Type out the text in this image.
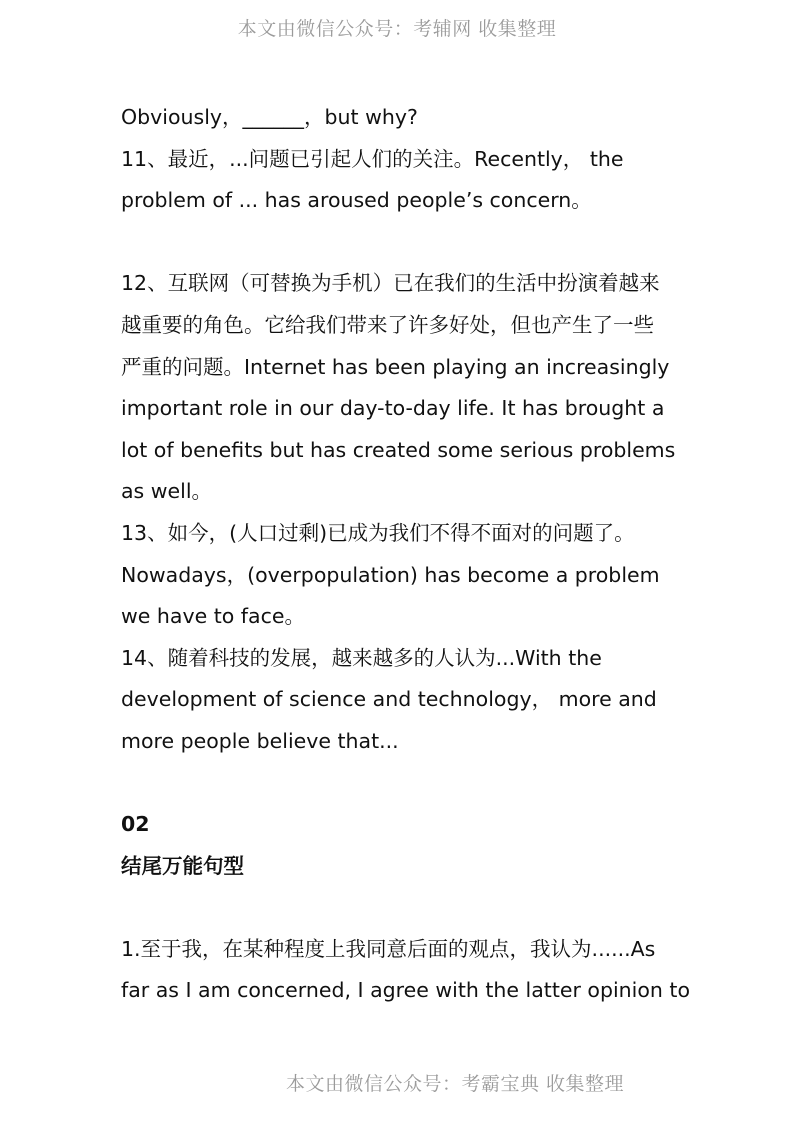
本文由微信公众号：考辅网 收集整理
Obviously，______，but why?
11、最近，...问题已引起人们的关注。Recently， the
problem of ... has aroused people’s concern。
12、互联网（可替换为手机）已在我们的生活中扮演着越来
越重要的角色。它给我们带来了许多好处，但也产生了一些
严重的问题。Internet has been playing an increasingly
important role in our day-to-day life. It has brought a
lot of benefits but has created some serious problems
as well。
13、如今，(人口过剩)已成为我们不得不面对的问题了。
Nowadays，(overpopulation) has become a problem
we have to face。
14、随着科技的发展，越来越多的人认为...With the
development of science and technology， more and
more people believe that...
02
结尾万能句型
1.至于我，在某种程度上我同意后面的观点，我认为......As
far as I am concerned, I agree with the latter opinion to
本文由微信公众号：考霸宝典 收集整理
